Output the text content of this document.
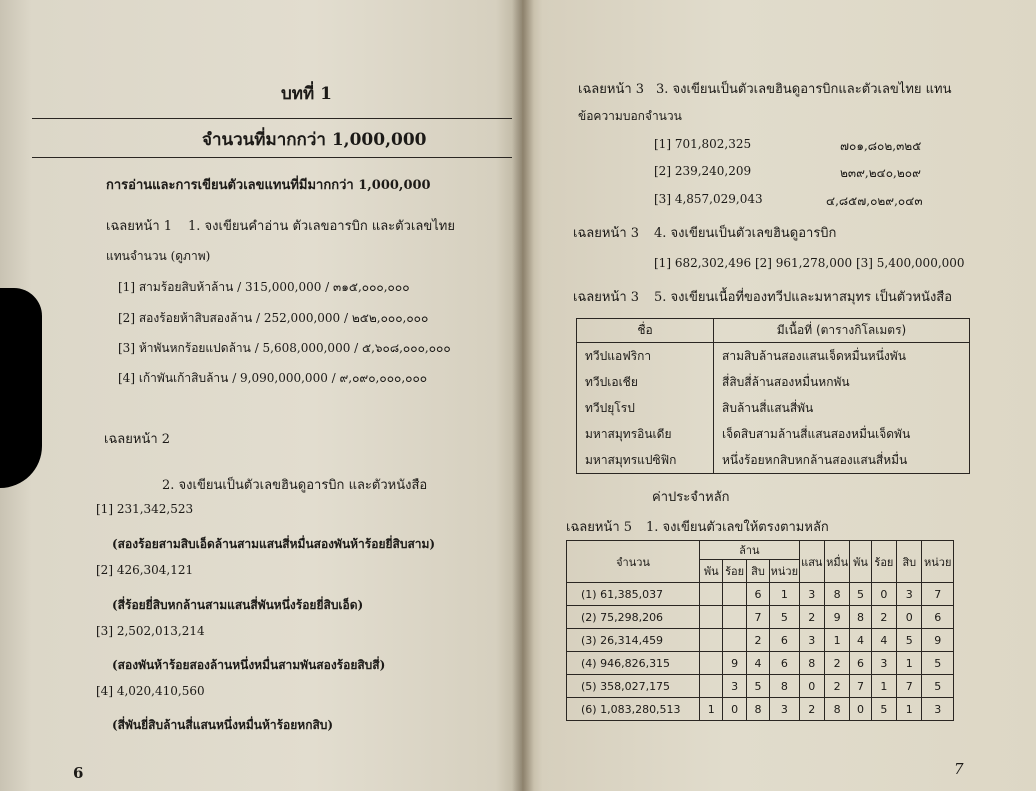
บทที่ 1
จำนวนที่มากกว่า 1,000,000
การอ่านและการเขียนตัวเลขแทนที่มีมากกว่า 1,000,000
เฉลยหน้า 1 1. จงเขียนคำอ่าน ตัวเลขอารบิก และตัวเลขไทย
แทนจำนวน (ดูภาพ)
[1] สามร้อยสิบห้าล้าน / 315,000,000 / ๓๑๕,๐๐๐,๐๐๐
[2] สองร้อยห้าสิบสองล้าน / 252,000,000 / ๒๕๒,๐๐๐,๐๐๐
[3] ห้าพันหกร้อยแปดล้าน / 5,608,000,000 / ๕,๖๐๘,๐๐๐,๐๐๐
[4] เก้าพันเก้าสิบล้าน / 9,090,000,000 / ๙,๐๙๐,๐๐๐,๐๐๐
เฉลยหน้า 2
2. จงเขียนเป็นตัวเลขฮินดูอารบิก และตัวหนังสือ
[1] 231,342,523
(สองร้อยสามสิบเอ็ดล้านสามแสนสี่หมื่นสองพันห้าร้อยยี่สิบสาม)
[2] 426,304,121
(สี่ร้อยยี่สิบหกล้านสามแสนสี่พันหนึ่งร้อยยี่สิบเอ็ด)
[3] 2,502,013,214
(สองพันห้าร้อยสองล้านหนึ่งหมื่นสามพันสองร้อยสิบสี่)
[4] 4,020,410,560
(สี่พันยี่สิบล้านสี่แสนหนึ่งหมื่นห้าร้อยหกสิบ)
6
เฉลยหน้า 3 3. จงเขียนเป็นตัวเลขฮินดูอารบิกและตัวเลขไทย แทน
ข้อความบอกจำนวน
[1] 701,802,325	๗๐๑,๘๐๒,๓๒๕
[2] 239,240,209	๒๓๙,๒๔๐,๒๐๙
[3] 4,857,029,043	๔,๘๕๗,๐๒๙,๐๔๓
เฉลยหน้า 3 4. จงเขียนเป็นตัวเลขฮินดูอารบิก
[1] 682,302,496 [2] 961,278,000 [3] 5,400,000,000
เฉลยหน้า 3 5. จงเขียนเนื้อที่ของทวีปและมหาสมุทร เป็นตัวหนังสือ
ชื่อ	มีเนื้อที่ (ตารางกิโลเมตร)
ทวีปแอฟริกา	สามสิบล้านสองแสนเจ็ดหมื่นหนึ่งพัน
ทวีปเอเชีย	สี่สิบสี่ล้านสองหมื่นหกพัน
ทวีปยุโรป	สิบล้านสี่แสนสี่พัน
มหาสมุทรอินเดีย	เจ็ดสิบสามล้านสี่แสนสองหมื่นเจ็ดพัน
มหาสมุทรแปซิฟิก	หนึ่งร้อยหกสิบหกล้านสองแสนสี่หมื่น
ค่าประจำหลัก
เฉลยหน้า 5 1. จงเขียนตัวเลขให้ตรงตามหลัก
จำนวน	ล้าน				แสน	หมื่น	พัน	ร้อย	สิบ	หน่วย
	พัน	ร้อย	สิบ	หน่วย						
(1) 61,385,037			6	1	3	8	5	0	3	7
(2) 75,298,206			7	5	2	9	8	2	0	6
(3) 26,314,459			2	6	3	1	4	4	5	9
(4) 946,826,315		9	4	6	8	2	6	3	1	5
(5) 358,027,175		3	5	8	0	2	7	1	7	5
(6) 1,083,280,513	1	0	8	3	2	8	0	5	1	3
7
